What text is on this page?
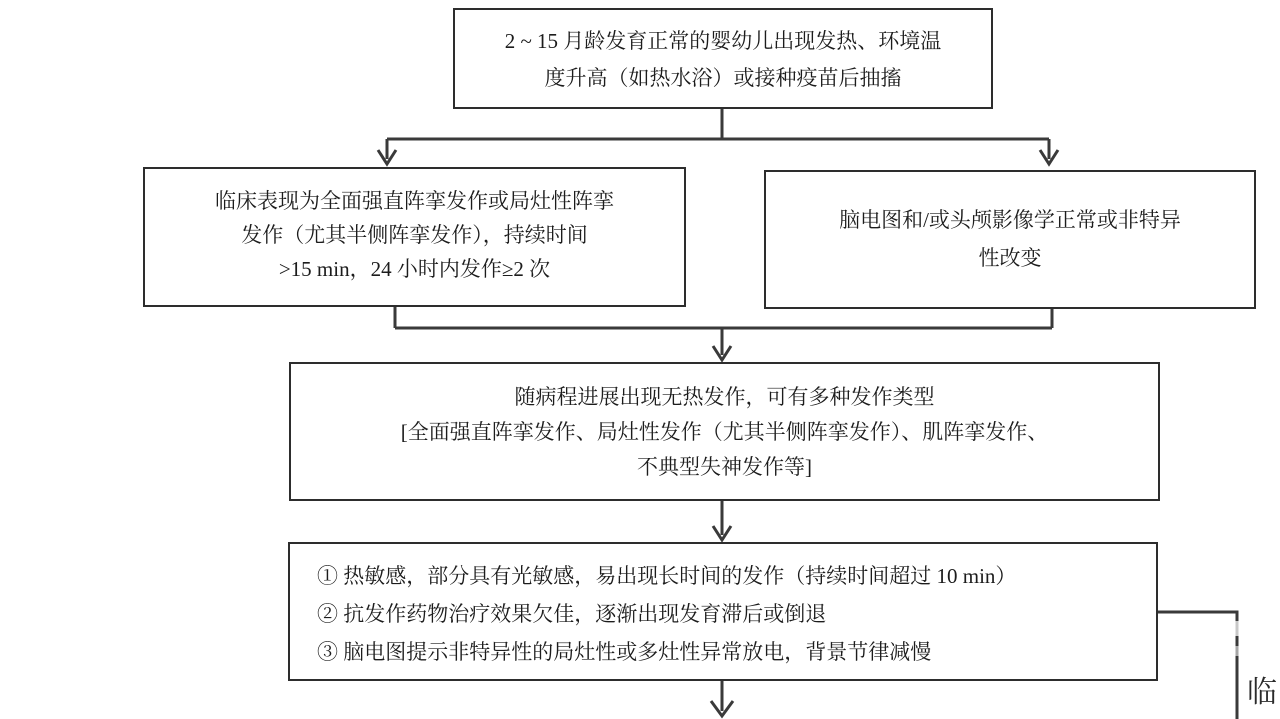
2 ~ 15 月龄发育正常的婴幼儿出现发热、环境温
度升高（如热水浴）或接种疫苗后抽搐
临床表现为全面强直阵挛发作或局灶性阵挛
发作（尤其半侧阵挛发作），持续时间
>15 min，24 小时内发作≥2 次
脑电图和/或头颅影像学正常或非特异
性改变
随病程进展出现无热发作，可有多种发作类型
[全面强直阵挛发作、局灶性发作（尤其半侧阵挛发作）、肌阵挛发作、
不典型失神发作等]
① 热敏感，部分具有光敏感，易出现长时间的发作（持续时间超过 10 min）
② 抗发作药物治疗效果欠佳，逐渐出现发育滞后或倒退
③ 脑电图提示非特异性的局灶性或多灶性异常放电，背景节律减慢
临
